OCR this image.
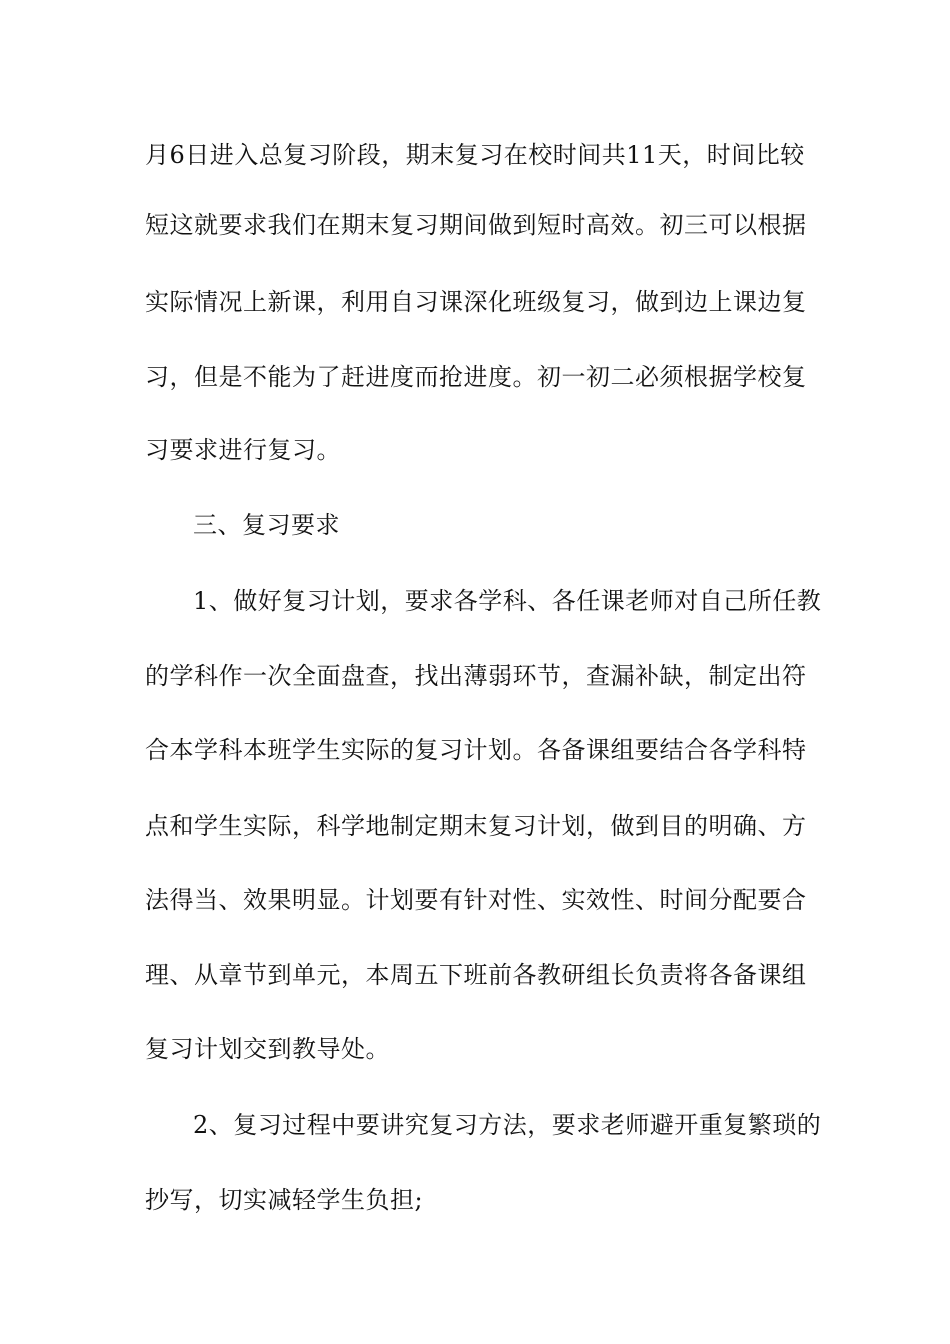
月6日进入总复习阶段，期末复习在校时间共11天，时间比较
短这就要求我们在期末复习期间做到短时高效。初三可以根据
实际情况上新课，利用自习课深化班级复习，做到边上课边复
习，但是不能为了赶进度而抢进度。初一初二必须根据学校复
习要求进行复习。
三、复习要求
1、做好复习计划，要求各学科、各任课老师对自己所任教
的学科作一次全面盘查，找出薄弱环节，查漏补缺，制定出符
合本学科本班学生实际的复习计划。各备课组要结合各学科特
点和学生实际，科学地制定期末复习计划，做到目的明确、方
法得当、效果明显。计划要有针对性、实效性、时间分配要合
理、从章节到单元，本周五下班前各教研组长负责将各备课组
复习计划交到教导处。
2、复习过程中要讲究复习方法，要求老师避开重复繁琐的
抄写，切实减轻学生负担;
